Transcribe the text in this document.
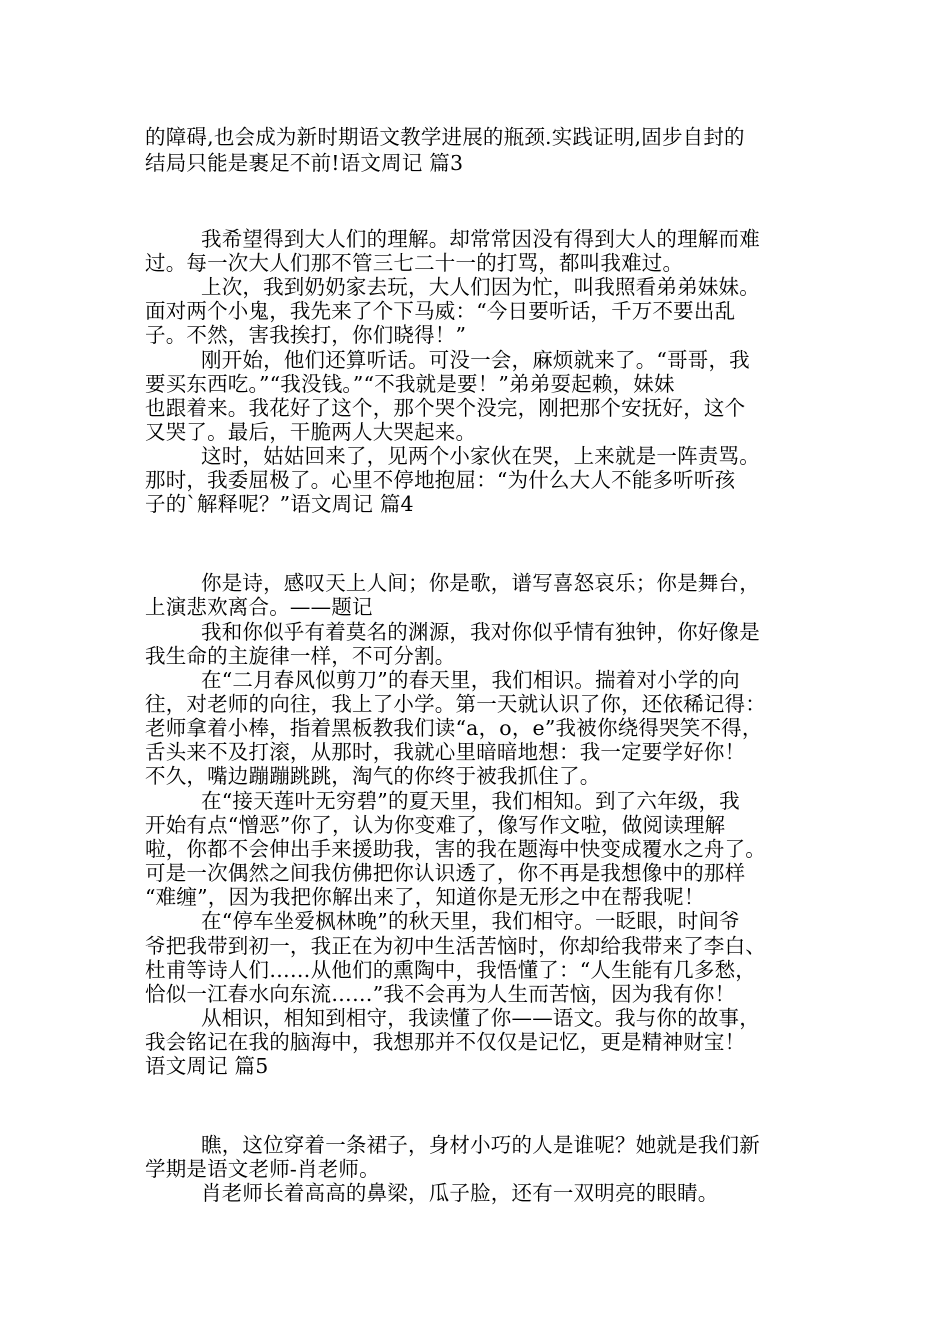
的障碍,也会成为新时期语文教学进展的瓶颈.实践证明,固步自封的
结局只能是裹足不前!语文周记 篇3
我希望得到大人们的理解。却常常因没有得到大人的理解而难
过。每一次大人们那不管三七二十一的打骂，都叫我难过。
上次，我到奶奶家去玩，大人们因为忙，叫我照看弟弟妹妹。
面对两个小鬼，我先来了个下马威：“今日要听话，千万不要出乱
子。不然，害我挨打，你们晓得！”
刚开始，他们还算听话。可没一会，麻烦就来了。“哥哥，我
要买东西吃。”“我没钱。”“不我就是要！”弟弟耍起赖，妹妹
也跟着来。我花好了这个，那个哭个没完，刚把那个安抚好，这个
又哭了。最后，干脆两人大哭起来。
这时，姑姑回来了，见两个小家伙在哭，上来就是一阵责骂。
那时，我委屈极了。心里不停地抱屈：“为什么大人不能多听听孩
子的`解释呢？”语文周记 篇4
你是诗，感叹天上人间；你是歌，谱写喜怒哀乐；你是舞台，
上演悲欢离合。——题记
我和你似乎有着莫名的渊源，我对你似乎情有独钟，你好像是
我生命的主旋律一样，不可分割。
在“二月春风似剪刀”的春天里，我们相识。揣着对小学的向
往，对老师的向往，我上了小学。第一天就认识了你，还依稀记得：
老师拿着小棒，指着黑板教我们读“a，o，e”我被你绕得哭笑不得，
舌头来不及打滚，从那时，我就心里暗暗地想：我一定要学好你！
不久，嘴边蹦蹦跳跳，淘气的你终于被我抓住了。
在“接天莲叶无穷碧”的夏天里，我们相知。到了六年级，我
开始有点“憎恶”你了，认为你变难了，像写作文啦，做阅读理解
啦，你都不会伸出手来援助我，害的我在题海中快变成覆水之舟了。
可是一次偶然之间我仿佛把你认识透了，你不再是我想像中的那样
“难缠”，因为我把你解出来了，知道你是无形之中在帮我呢！
在“停车坐爱枫林晚”的秋天里，我们相守。一眨眼，时间爷
爷把我带到初一，我正在为初中生活苦恼时，你却给我带来了李白、
杜甫等诗人们……从他们的熏陶中，我悟懂了：“人生能有几多愁，
恰似一江春水向东流……”我不会再为人生而苦恼，因为我有你！
从相识，相知到相守，我读懂了你——语文。我与你的故事，
我会铭记在我的脑海中，我想那并不仅仅是记忆，更是精神财宝！
语文周记 篇5
瞧，这位穿着一条裙子，身材小巧的人是谁呢？她就是我们新
学期是语文老师-肖老师。
肖老师长着高高的鼻梁，瓜子脸，还有一双明亮的眼睛。
